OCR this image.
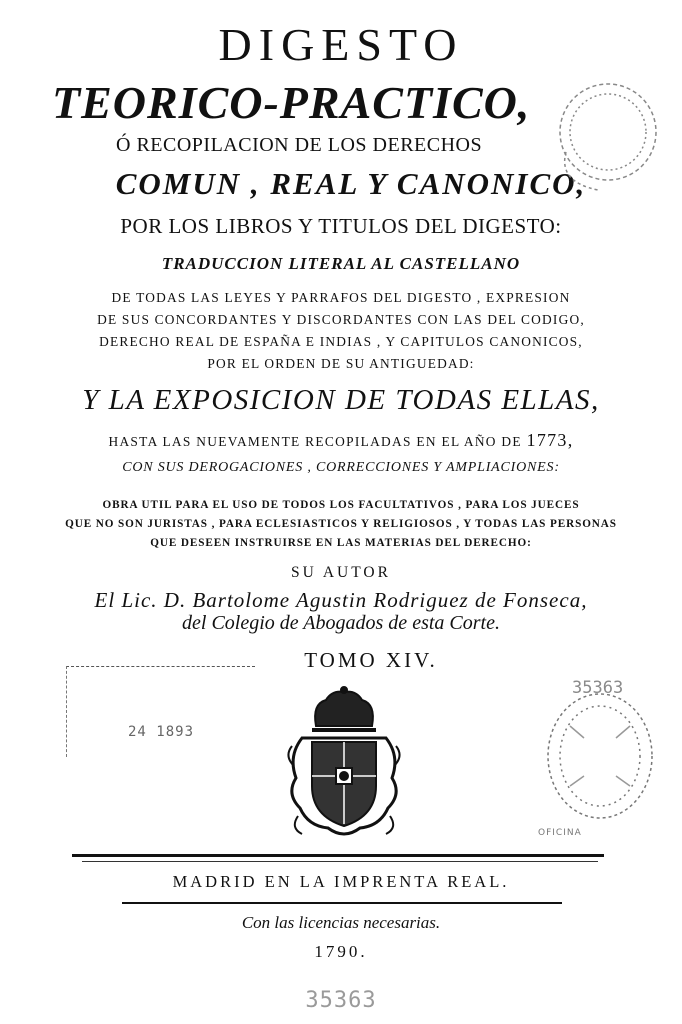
DIGESTO
TEORICO-PRACTICO,
Ó RECOPILACION DE LOS DERECHOS
COMUN , REAL Y CANONICO,
POR LOS LIBROS Y TITULOS DEL DIGESTO:
TRADUCCION LITERAL AL CASTELLANO
DE TODAS LAS LEYES Y PARRAFOS DEL DIGESTO , EXPRESION
DE SUS CONCORDANTES Y DISCORDANTES CON LAS DEL CODIGO,
DERECHO REAL DE ESPAÑA E INDIAS , Y CAPITULOS CANONICOS,
POR EL ORDEN DE SU ANTIGUEDAD:
Y LA EXPOSICION DE TODAS ELLAS,
HASTA LAS NUEVAMENTE RECOPILADAS EN EL AÑO DE 1773,
CON SUS DEROGACIONES , CORRECCIONES Y AMPLIACIONES:
OBRA UTIL PARA EL USO DE TODOS LOS FACULTATIVOS , PARA LOS JUECES
QUE NO SON JURISTAS , PARA ECLESIASTICOS Y RELIGIOSOS , Y TODAS LAS PERSONAS
QUE DESEEN INSTRUIRSE EN LAS MATERIAS DEL DERECHO:
SU AUTOR
El Lic. D. Bartolome Agustin Rodriguez de Fonseca,
del Colegio de Abogados de esta Corte.
TOMO XIV.
24 1893
35363
OFICINA
MADRID EN LA IMPRENTA REAL.
Con las licencias necesarias.
1790.
35363
